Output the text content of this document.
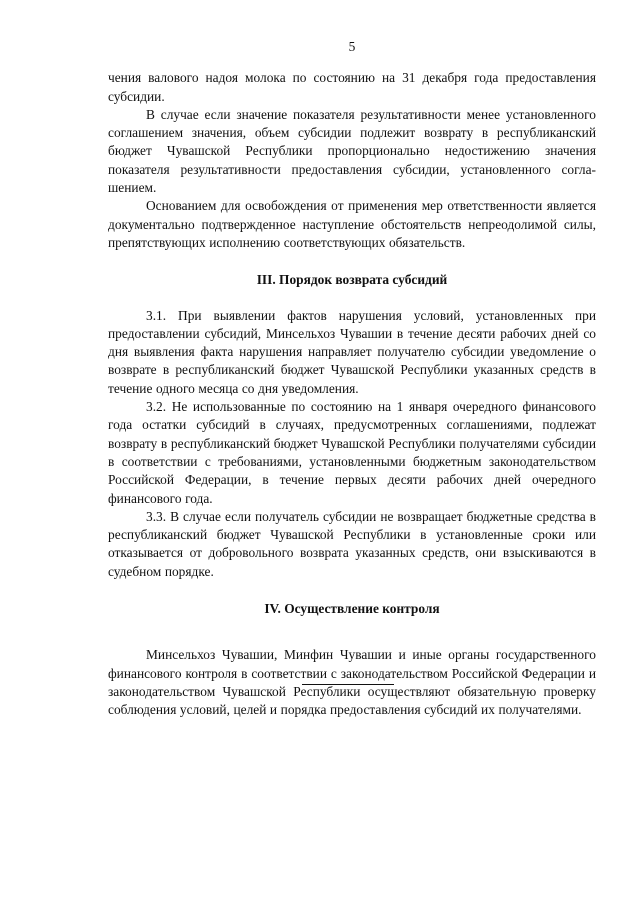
5

чения валового надоя молока по состоянию на 31 декабря года предоставления субсидии.

В случае если значение показателя результативности менее установленного соглашением значения, объем субсидии подлежит возврату в республиканский бюджет Чувашской Республики пропорционально недостижению значения показателя результативности предоставления субсидии, установленного соглашением.

Основанием для освобождения от применения мер ответственности является документально подтвержденное наступление обстоятельств непреодолимой силы, препятствующих исполнению соответствующих обязательств.

III. Порядок возврата субсидий

3.1. При выявлении фактов нарушения условий, установленных при предоставлении субсидий, Минсельхоз Чувашии в течение десяти рабочих дней со дня выявления факта нарушения направляет получателю субсидии уведомление о возврате в республиканский бюджет Чувашской Республики указанных средств в течение одного месяца со дня уведомления.

3.2. Не использованные по состоянию на 1 января очередного финансового года остатки субсидий в случаях, предусмотренных соглашениями, подлежат возврату в республиканский бюджет Чувашской Республики получателями субсидии в соответствии с требованиями, установленными бюджетным законодательством Российской Федерации, в течение первых десяти рабочих дней очередного финансового года.

3.3. В случае если получатель субсидии не возвращает бюджетные средства в республиканский бюджет Чувашской Республики в установленные сроки или отказывается от добровольного возврата указанных средств, они взыскиваются в судебном порядке.

IV. Осуществление контроля

Минсельхоз Чувашии, Минфин Чувашии и иные органы государственного финансового контроля в соответствии с законодательством Российской Федерации и законодательством Чувашской Республики осуществляют обязательную проверку соблюдения условий, целей и порядка предоставления субсидий их получателями.
